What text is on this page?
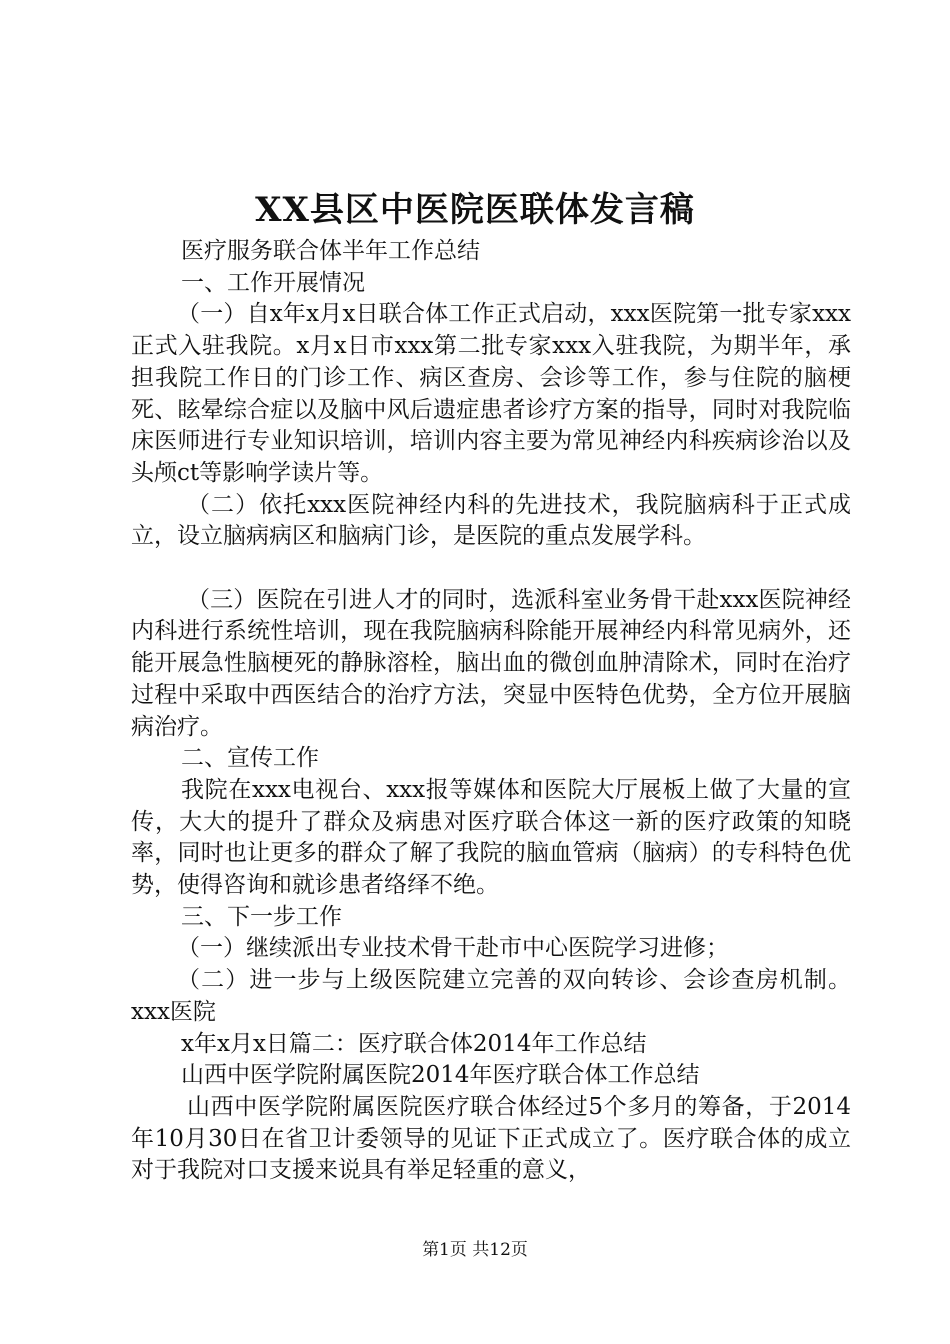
XX县区中医院医联体发言稿

医疗服务联合体半年工作总结

一、工作开展情况

（一）自x年x月x日联合体工作正式启动，xxx医院第一批专家xxx正式入驻我院。x月x日市xxx第二批专家xxx入驻我院，为期半年，承担我院工作日的门诊工作、病区查房、会诊等工作，参与住院的脑梗死、眩晕综合症以及脑中风后遗症患者诊疗方案的指导，同时对我院临床医师进行专业知识培训，培训内容主要为常见神经内科疾病诊治以及头颅ct等影响学读片等。

（二）依托xxx医院神经内科的先进技术，我院脑病科于正式成立，设立脑病病区和脑病门诊，是医院的重点发展学科。

（三）医院在引进人才的同时，选派科室业务骨干赴xxx医院神经内科进行系统性培训，现在我院脑病科除能开展神经内科常见病外，还能开展急性脑梗死的静脉溶栓，脑出血的微创血肿清除术，同时在治疗过程中采取中西医结合的治疗方法，突显中医特色优势，全方位开展脑病治疗。

二、宣传工作

我院在xxx电视台、xxx报等媒体和医院大厅展板上做了大量的宣传，大大的提升了群众及病患对医疗联合体这一新的医疗政策的知晓率，同时也让更多的群众了解了我院的脑血管病（脑病）的专科特色优势，使得咨询和就诊患者络绎不绝。

三、下一步工作

（一）继续派出专业技术骨干赴市中心医院学习进修；

（二）进一步与上级医院建立完善的双向转诊、会诊查房机制。xxx医院

x年x月x日篇二：医疗联合体2014年工作总结

山西中医学院附属医院2014年医疗联合体工作总结

山西中医学院附属医院医疗联合体经过5个多月的筹备，于2014年10月30日在省卫计委领导的见证下正式成立了。医疗联合体的成立对于我院对口支援来说具有举足轻重的意义，

第1页 共12页
